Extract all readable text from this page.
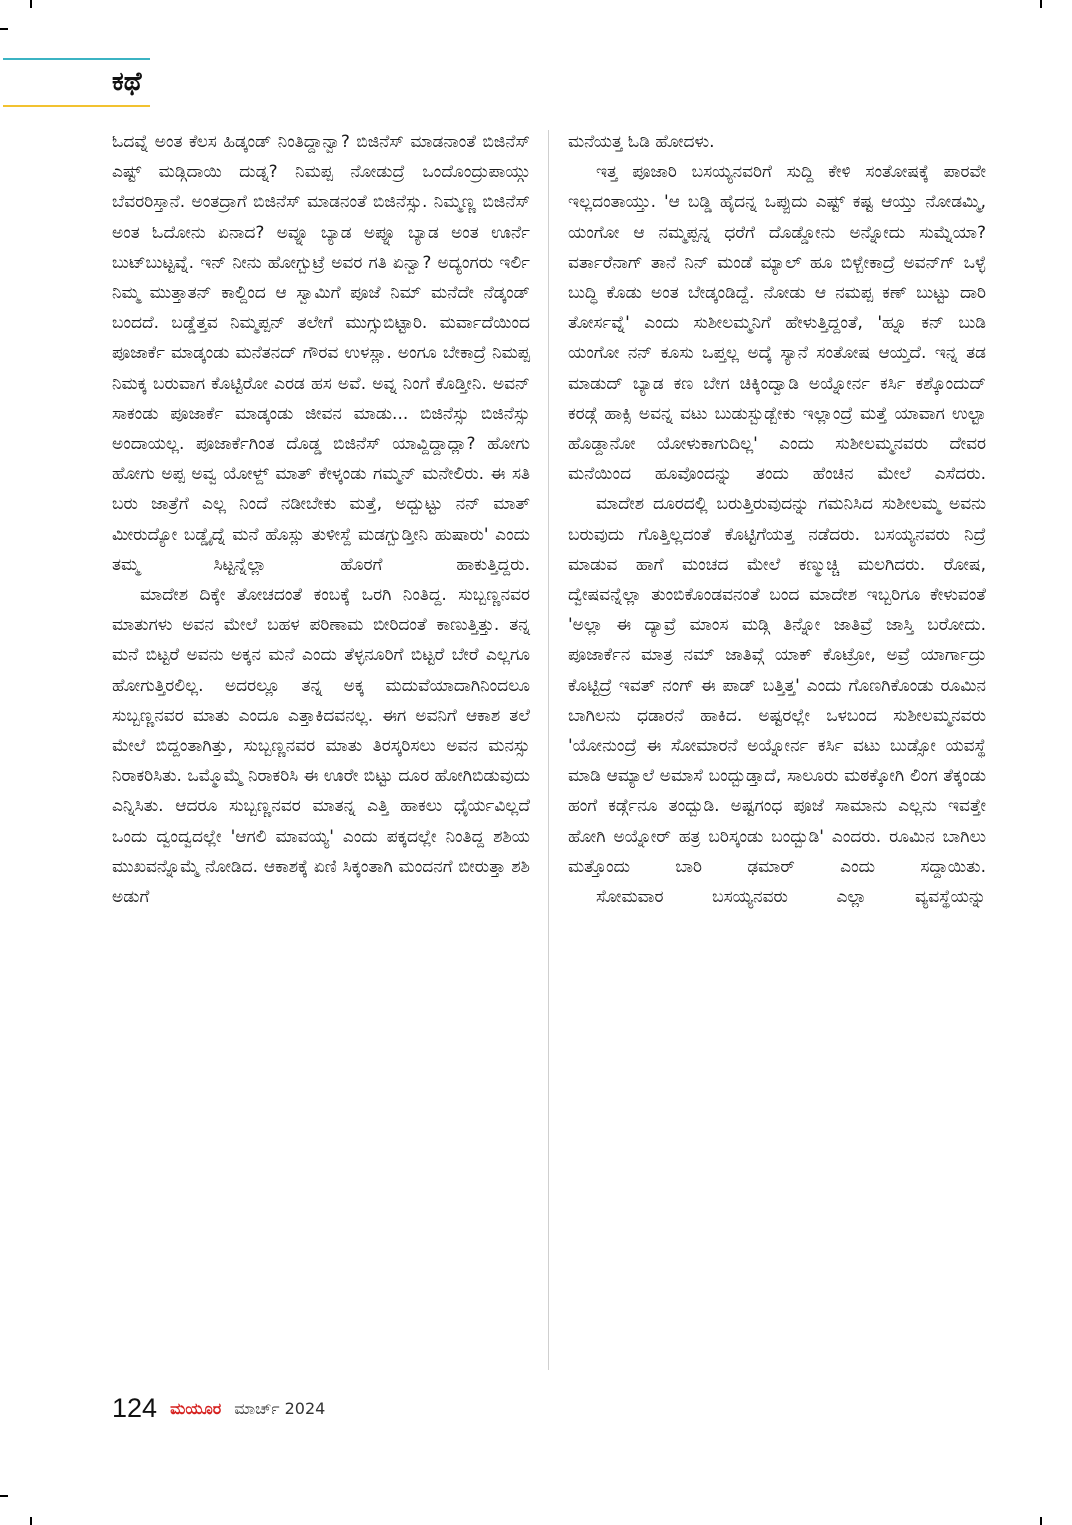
ಕಥೆ

ಓದವ್ನೆ ಅಂತ ಕೆಲಸ ಹಿಡ್ಕಂಡ್ ನಿಂತಿದ್ದಾನ್ವಾ? ಬಿಜಿನೆಸ್ ಮಾಡನಾಂತೆ ಬಿಜಿನೆಸ್ ಎಷ್ಟ್ ಮಡ್ಗಿದಾಯಿ ದುಡ್ನ? ನಿಮಪ್ಪ ನೋಡುದ್ರೆ ಒಂದೊಂದ್ರುಪಾಯ್ಗು ಬೆವರರಿಸ್ತಾನೆ. ಅಂತದ್ರಾಗೆ ಬಿಜಿನೆಸ್ ಮಾಡನಂತೆ ಬಿಜಿನೆಸ್ಸು. ನಿಮ್ಮಣ್ಣ ಬಿಜಿನೆಸ್ ಅಂತ ಓದೋನು ಏನಾದ? ಅವ್ನೂ ಬ್ಯಾಡ ಅಪ್ನೂ ಬ್ಯಾಡ ಅಂತ ಊರ್ನೆ ಬುಟ್‌ಬುಟ್ಟವ್ನೆ. ಇನ್ ನೀನು ಹೋಗ್ಬುಟ್ರೆ ಅವರ ಗತಿ ಏನ್ವಾ? ಅದ್ಯಂಗರು ಇರ್ಲಿ ನಿಮ್ಮ ಮುತ್ತಾತನ್ ಕಾಲ್ದಿಂದ ಆ ಸ್ವಾಮಿಗೆ ಪೂಜೆ ನಿಮ್ ಮನೆದೇ ನೆಡ್ಕಂಡ್ ಬಂದದೆ. ಬಡ್ಡೆತ್ತವ ನಿಮ್ಮಪ್ಪನ್ ತಲೇಗೆ ಮುಗ್ಸುಬಿಟ್ಟಾರಿ. ಮರ್ವಾದೆಯಿಂದ ಪೂಜಾರ್ಕೆ ಮಾಡ್ಕಂಡು ಮನೆತನದ್ ಗೌರವ ಉಳಸ್ಲಾ. ಅಂಗೂ ಬೇಕಾದ್ರೆ ನಿಮಪ್ಪ ನಿಮಕ್ಕ ಬರುವಾಗ ಕೊಟ್ಟಿರೋ ಎರಡ ಹಸ ಅವೆ. ಅವ್ನ ನಿಂಗೆ ಕೊಡ್ತೀನಿ. ಅವನ್ ಸಾಕಂಡು ಪೂಜಾರ್ಕೆ ಮಾಡ್ಕಂಡು ಜೀವನ ಮಾಡು... ಬಿಜಿನೆಸ್ಸು ಬಿಜಿನೆಸ್ಸು ಅಂದಾಯಲ್ಲ. ಪೂಜಾರ್ಕೆಗಿಂತ ದೊಡ್ಡ ಬಿಜಿನೆಸ್ ಯಾವ್ದಿದ್ದಾದ್ಲಾ? ಹೋಗು ಹೋಗು ಅಪ್ಪ ಅವ್ವ ಯೋಳ್ದ್ ಮಾತ್ ಕೇಳ್ಕಂಡು ಗಮ್ಮನ್ ಮನೇಲಿರು. ಈ ಸತಿ ಬರು ಜಾತ್ರೆಗೆ ಎಲ್ಲ ನಿಂದೆ ನಡೀಬೇಕು ಮತ್ತೆ, ಅದ್ಬುಟ್ಟು ನನ್ ಮಾತ್ ಮೀರುದ್ಯೋ ಬಡ್ಡೈದ್ನೆ ಮನೆ ಹೊಸ್ಲು ತುಳೀಸ್ದೆ ಮಡಗ್ಬುಡ್ತೀನಿ ಹುಷಾರು' ಎಂದು ತಮ್ಮ ಸಿಟ್ಟನ್ನೆಲ್ಲಾ ಹೊರಗೆ ಹಾಕುತ್ತಿದ್ದರು.

ಮಾದೇಶ ದಿಕ್ಕೇ ತೋಚದಂತೆ ಕಂಬಕ್ಕೆ ಒರಗಿ ನಿಂತಿದ್ದ. ಸುಬ್ಬಣ್ಣನವರ ಮಾತುಗಳು ಅವನ ಮೇಲೆ ಬಹಳ ಪರಿಣಾಮ ಬೀರಿದಂತೆ ಕಾಣುತ್ತಿತ್ತು. ತನ್ನ ಮನೆ ಬಿಟ್ಟರೆ ಅವನು ಅಕ್ಕನ ಮನೆ ಎಂದು ತೆಳ್ಳನೂರಿಗೆ ಬಿಟ್ಟರೆ ಬೇರೆ ಎಲ್ಲಗೂ ಹೋಗುತ್ತಿರಲಿಲ್ಲ. ಅದರಲ್ಲೂ ತನ್ನ ಅಕ್ಕ ಮದುವೆಯಾದಾಗಿನಿಂದಲೂ ಸುಬ್ಬಣ್ಣನವರ ಮಾತು ಎಂದೂ ಎತ್ತಾಕಿದವನಲ್ಲ. ಈಗ ಅವನಿಗೆ ಆಕಾಶ ತಲೆ ಮೇಲೆ ಬಿದ್ದಂತಾಗಿತ್ತು, ಸುಬ್ಬಣ್ಣನವರ ಮಾತು ತಿರಸ್ಕರಿಸಲು ಅವನ ಮನಸ್ಸು ನಿರಾಕರಿಸಿತು. ಒಮ್ಮೊಮ್ಮೆ ನಿರಾಕರಿಸಿ ಈ ಊರೇ ಬಿಟ್ಟು ದೂರ ಹೋಗಿಬಿಡುವುದು ಎನ್ನಿಸಿತು. ಆದರೂ ಸುಬ್ಬಣ್ಣನವರ ಮಾತನ್ನ ಎತ್ತಿ ಹಾಕಲು ಧೈರ್ಯವಿಲ್ಲದೆ ಒಂದು ದ್ವಂದ್ವದಲ್ಲೇ 'ಆಗಲಿ ಮಾವಯ್ಯ' ಎಂದು ಪಕ್ಕದಲ್ಲೇ ನಿಂತಿದ್ದ ಶಶಿಯ ಮುಖವನ್ನೊಮ್ಮೆ ನೋಡಿದ. ಆಕಾಶಕ್ಕೆ ಏಣಿ ಸಿಕ್ಕಂತಾಗಿ ಮಂದನಗೆ ಬೀರುತ್ತಾ ಶಶಿ ಅಡುಗೆ

ಮನೆಯತ್ತ ಓಡಿ ಹೋದಳು.

ಇತ್ತ ಪೂಜಾರಿ ಬಸಯ್ಯನವರಿಗೆ ಸುದ್ದಿ ಕೇಳಿ ಸಂತೋಷಕ್ಕೆ ಪಾರವೇ ಇಲ್ಲದಂತಾಯ್ತು. 'ಆ ಬಡ್ಡಿ ಹೈದನ್ನ ಒಪ್ಪುದು ಎಷ್ಟ್ ಕಷ್ಟ ಆಯ್ತು ನೋಡಮ್ಮಿ, ಯಂಗೋ ಆ ನಮ್ಮಪ್ಪನ್ನ ಧರೆಗೆ ದೊಡ್ಡೋನು ಅನ್ನೋದು ಸುಮ್ನೆಯಾ? ವರ್ತಾರೆನಾಗ್ ತಾನೆ ನಿನ್ ಮಂಡೆ ಮ್ಯಾಲ್ ಹೂ ಬಿಳ್ಬೇಕಾದ್ರೆ ಅವನ್‌ಗ್ ಒಳ್ಳೆ ಬುದ್ಧಿ ಕೊಡು ಅಂತ ಬೇಡ್ಕಂಡಿದ್ದೆ. ನೋಡು ಆ ನಮಪ್ಪ ಕಣ್ ಬುಟ್ಟು ದಾರಿ ತೋರ್ಸವ್ನೆ' ಎಂದು ಸುಶೀಲಮ್ಮನಿಗೆ ಹೇಳುತ್ತಿದ್ದಂತೆ, 'ಹ್ನೂ ಕನ್ ಬುಡಿ ಯಂಗೋ ನನ್ ಕೂಸು ಒಪ್ತಲ್ಲ ಅದ್ಕೆ ಸ್ಯಾನೆ ಸಂತೋಷ ಆಯ್ತದೆ. ಇನ್ನ ತಡ ಮಾಡುದ್ ಬ್ಯಾಡ ಕಣ ಬೇಗ ಚಿಕ್ಕಿಂದ್ವಾಡಿ ಅಯ್ನೋರ್ನ ಕರ್ಸಿ ಕಶ್ಕೊಂದುದ್ ಕರಡ್ಗೆ ಹಾಕ್ಸಿ ಅವನ್ನ ವಟು ಬುಡುಸ್ಬುಡ್ಬೇಕು ಇಲ್ಲಾಂದ್ರೆ ಮತ್ತೆ ಯಾವಾಗ ಉಲ್ಟಾ ಹೊಡ್ದಾನೋ ಯೋಳುಕಾಗುದಿಲ್ಲ' ಎಂದು ಸುಶೀಲಮ್ಮನವರು ದೇವರ ಮನೆಯಿಂದ ಹೂವೊಂದನ್ನು ತಂದು ಹೆಂಚಿನ ಮೇಲೆ ಎಸೆದರು.

ಮಾದೇಶ ದೂರದಲ್ಲಿ ಬರುತ್ತಿರುವುದನ್ನು ಗಮನಿಸಿದ ಸುಶೀಲಮ್ಮ ಅವನು ಬರುವುದು ಗೊತ್ತಿಲ್ಲದಂತೆ ಕೊಟ್ಟಿಗೆಯತ್ತ ನಡೆದರು. ಬಸಯ್ಯನವರು ನಿದ್ರೆ ಮಾಡುವ ಹಾಗೆ ಮಂಚದ ಮೇಲೆ ಕಣ್ಮುಚ್ಚಿ ಮಲಗಿದರು. ರೋಷ, ದ್ವೇಷವನ್ನೆಲ್ಲಾ ತುಂಬಿಕೊಂಡವನಂತೆ ಬಂದ ಮಾದೇಶ ಇಬ್ಬರಿಗೂ ಕೇಳುವಂತೆ 'ಅಲ್ಲಾ ಈ ದ್ಯಾವ್ರೆ ಮಾಂಸ ಮಡ್ಗಿ ತಿನ್ನೋ ಜಾತಿವ್ರೆ ಜಾಸ್ತಿ ಬರೋದು. ಪೂಜಾರ್ಕೆನ ಮಾತ್ರ ನಮ್ ಜಾತಿವ್ಗೆ ಯಾಕ್ ಕೊಟ್ರೋ, ಅವ್ರೆ ಯಾರ್ಗಾದ್ರು ಕೊಟ್ಟಿದ್ರೆ ಇವತ್ ನಂಗ್ ಈ ಪಾಡ್ ಬತ್ತಿತ್ತ' ಎಂದು ಗೊಣಗಿಕೊಂಡು ರೂಮಿನ ಬಾಗಿಲನು ಧಡಾರನೆ ಹಾಕಿದ. ಅಷ್ಟರಲ್ಲೇ ಒಳಬಂದ ಸುಶೀಲಮ್ಮನವರು 'ಯೋನುಂದ್ರೆ ಈ ಸೋಮಾರನೆ ಅಯ್ನೋರ್ನ ಕರ್ಸಿ ವಟು ಬುಡ್ಸೋ ಯವಸ್ಥೆ ಮಾಡಿ ಆಮ್ಯಾಲೆ ಅಮಾಸೆ ಬಂದ್ಬುಡ್ತಾದೆ, ಸಾಲೂರು ಮಠಕ್ಕೋಗಿ ಲಿಂಗ ತೆಕ್ಕಂಡು ಹಂಗೆ ಕರ್ಡ್ಗೆನೂ ತಂದ್ಬುಡಿ. ಅಷ್ಟಗಂಧ ಪೂಜೆ ಸಾಮಾನು ಎಲ್ಲನು ಇವತ್ತೇ ಹೋಗಿ ಅಯ್ನೋರ್ ಹತ್ರ ಬರಿಸ್ಕಂಡು ಬಂದ್ಬುಡಿ' ಎಂದರು. ರೂಮಿನ ಬಾಗಿಲು ಮತ್ತೊಂದು ಬಾರಿ ಢಮಾರ್ ಎಂದು ಸದ್ದಾಯಿತು.

ಸೋಮವಾರ ಬಸಯ್ಯನವರು ಎಲ್ಲಾ ವ್ಯವಸ್ಥೆಯನ್ನು

124 ಮಯೂರ ಮಾರ್ಚ್ 2024
